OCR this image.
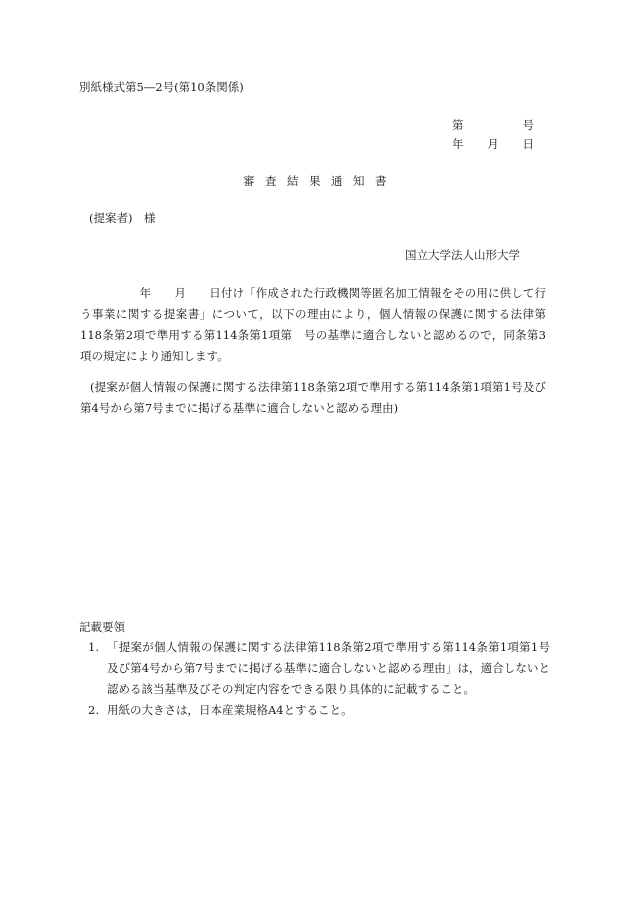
別紙様式第5―2号(第10条関係)
第	号
年 月 日
審査結果通知書
(提案者)　様
国立大学法人山形大学
　年　　月　　日付け「作成された行政機関等匿名加工情報をその用に供して行う事業に関する提案書」について，以下の理由により，個人情報の保護に関する法律第118条第2項で準用する第114条第1項第　号の基準に適合しないと認めるので，同条第3項の規定により通知します。
(提案が個人情報の保護に関する法律第118条第2項で準用する第114条第1項第1号及び第4号から第7号までに掲げる基準に適合しないと認める理由)
記載要領
1. 「提案が個人情報の保護に関する法律第118条第2項で準用する第114条第1項第1号及び第4号から第7号までに掲げる基準に適合しないと認める理由」は，適合しないと認める該当基準及びその判定内容をできる限り具体的に記載すること。
2. 用紙の大きさは，日本産業規格A4とすること。
